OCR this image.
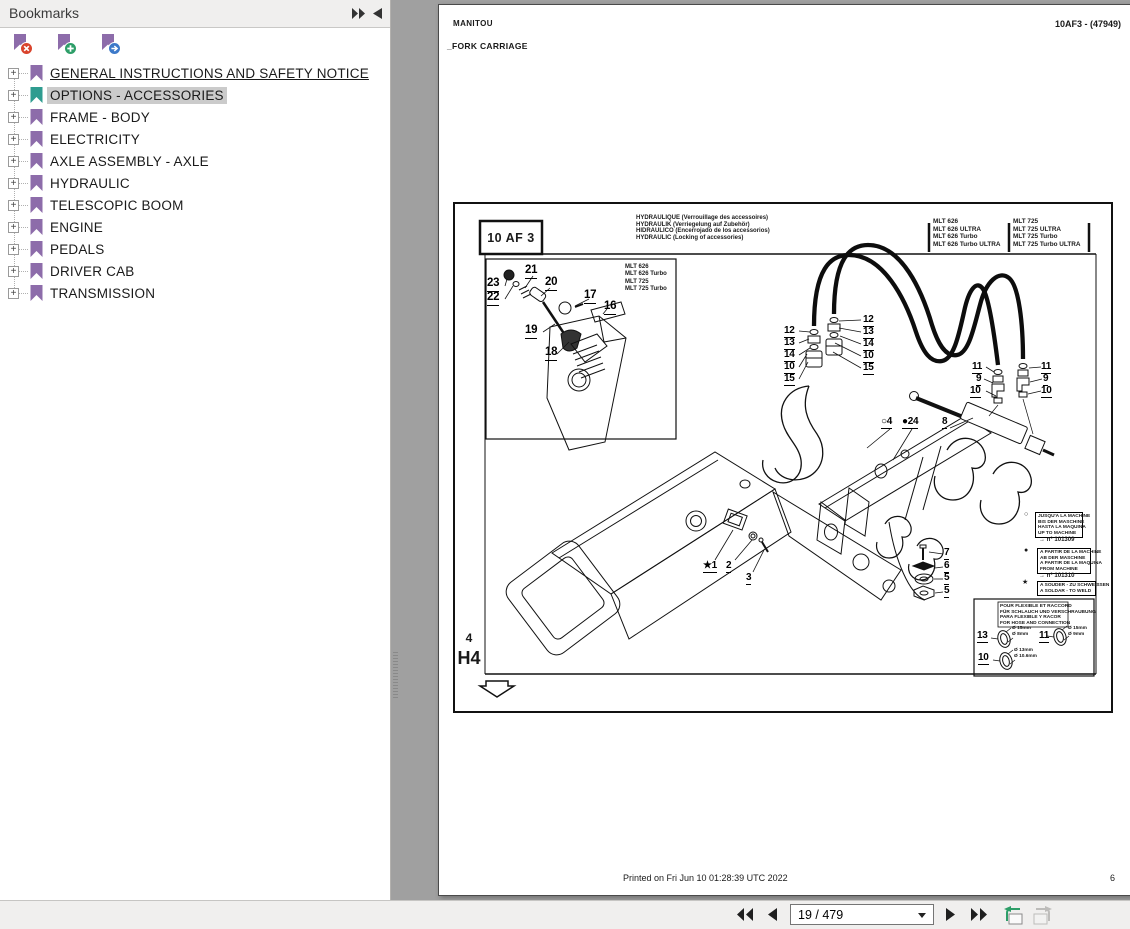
Bookmarks
+ GENERAL INSTRUCTIONS AND SAFETY NOTICE
+ OPTIONS - ACCESSORIES
+ FRAME - BODY
+ ELECTRICITY
+ AXLE ASSEMBLY - AXLE
+ HYDRAULIC
+ TELESCOPIC BOOM
+ ENGINE
+ PEDALS
+ DRIVER CAB
+ TRANSMISSION
MANITOU	10AF3 - (47949)
_FORK CARRIAGE
10 AF 3
HYDRAULIQUE (Verrouillage des accessoires)
HYDRAULIK (Verriegelung auf Zubehör)
HIDRAULICO (Encerrojado de los accessorios)
HYDRAULIC (Locking of accessories)
MLT 626
MLT 626 ULTRA
MLT 626 Turbo
MLT 626 Turbo ULTRA
MLT 725
MLT 725 ULTRA
MLT 725 Turbo
MLT 725 Turbo ULTRA
MLT 626
MLT 626 Turbo
MLT 725
MLT 725 Turbo
4
H4
23
22
21
20
17
16
19
18
12
13
14
10
15
12
13
14
10
15	11
9
10
11
9
10
○4 ●24 8
7
6
5
5
★1 2
3
○ JUSQU'A LA MACHINE
BIS DER MASCHINE
HASTA LA MAQUINA
UP TO MACHINE
→ n° 101309
● A PARTIR DE LA MACHINE
AB DER MASCHINE
A PARTIR DE LA MAQUINA
FROM MACHINE
→ n° 101310
★ A SOUDER - ZU SCHWEISSEN
A SOLDAR - TO WELD
POUR FLEXIBLE ET RACCORD
FÜR SCHLAUCH UND VERSCHRAUBUNG
PARA FLEXIBLE Y RACOR
FOR HOSE AND CONNECTION
13
Ø 15mm
Ø 8mm 11
Ø 15mm
Ø 9mm
10
Ø 13mm
Ø 10.6mm
Printed on Fri Jun 10 01:28:39 UTC 2022	6
19 / 479
